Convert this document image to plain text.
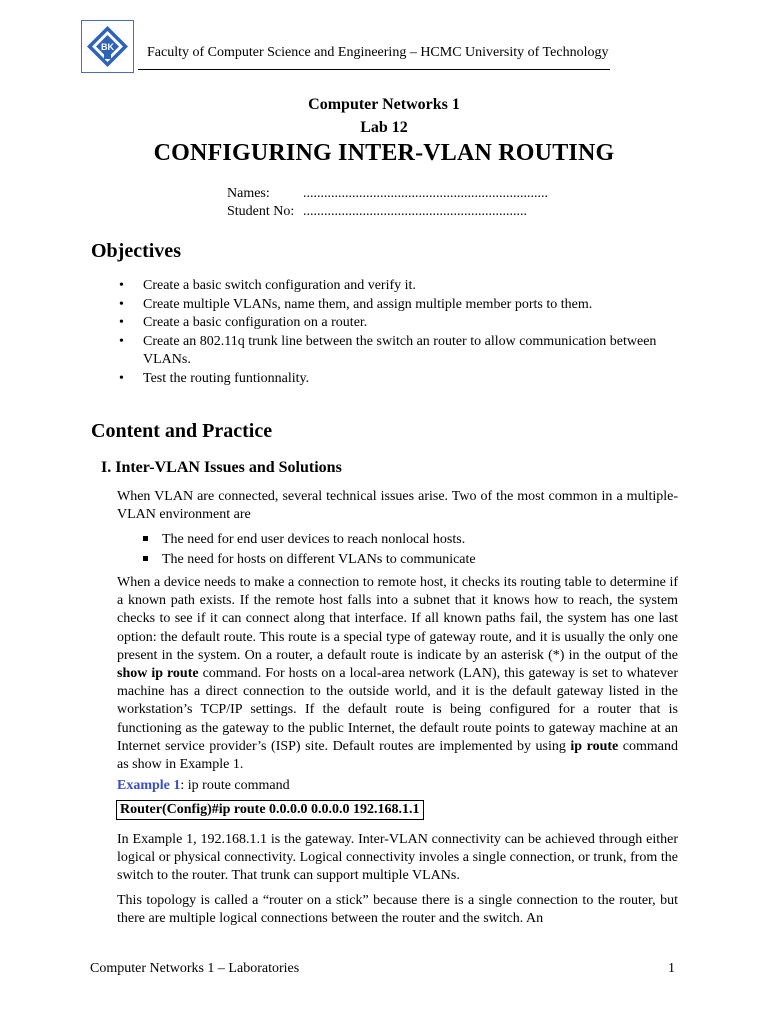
BK Faculty of Computer Science and Engineering – HCMC University of Technology
Computer Networks 1
Lab 12
CONFIGURING INTER-VLAN ROUTING
Names: ......................................................................
Student No: ................................................................
Objectives
• Create a basic switch configuration and verify it.
• Create multiple VLANs, name them, and assign multiple member ports to them.
• Create a basic configuration on a router.
• Create an 802.11q trunk line between the switch an router to allow communication between VLANs.
• Test the routing funtionnality.
Content and Practice
I. Inter-VLAN Issues and Solutions
When VLAN are connected, several technical issues arise. Two of the most common in a multiple-VLAN environment are
The need for end user devices to reach nonlocal hosts.
The need for hosts on different VLANs to communicate
When a device needs to make a connection to remote host, it checks its routing table to determine if a known path exists. If the remote host falls into a subnet that it knows how to reach, the system checks to see if it can connect along that interface. If all known paths fail, the system has one last option: the default route. This route is a special type of gateway route, and it is usually the only one present in the system. On a router, a default route is indicate by an asterisk (*) in the output of the show ip route command. For hosts on a local-area network (LAN), this gateway is set to whatever machine has a direct connection to the outside world, and it is the default gateway listed in the workstation’s TCP/IP settings. If the default route is being configured for a router that is functioning as the gateway to the public Internet, the default route points to gateway machine at an Internet service provider’s (ISP) site. Default routes are implemented by using ip route command as show in Example 1.
Example 1: ip route command
Router(Config)#ip route 0.0.0.0 0.0.0.0 192.168.1.1
In Example 1, 192.168.1.1 is the gateway. Inter-VLAN connectivity can be achieved through either logical or physical connectivity. Logical connectivity involes a single connection, or trunk, from the switch to the router. That trunk can support multiple VLANs.
This topology is called a “router on a stick” because there is a single connection to the router, but there are multiple logical connections between the router and the switch. An
Computer Networks 1 – Laboratories	1
